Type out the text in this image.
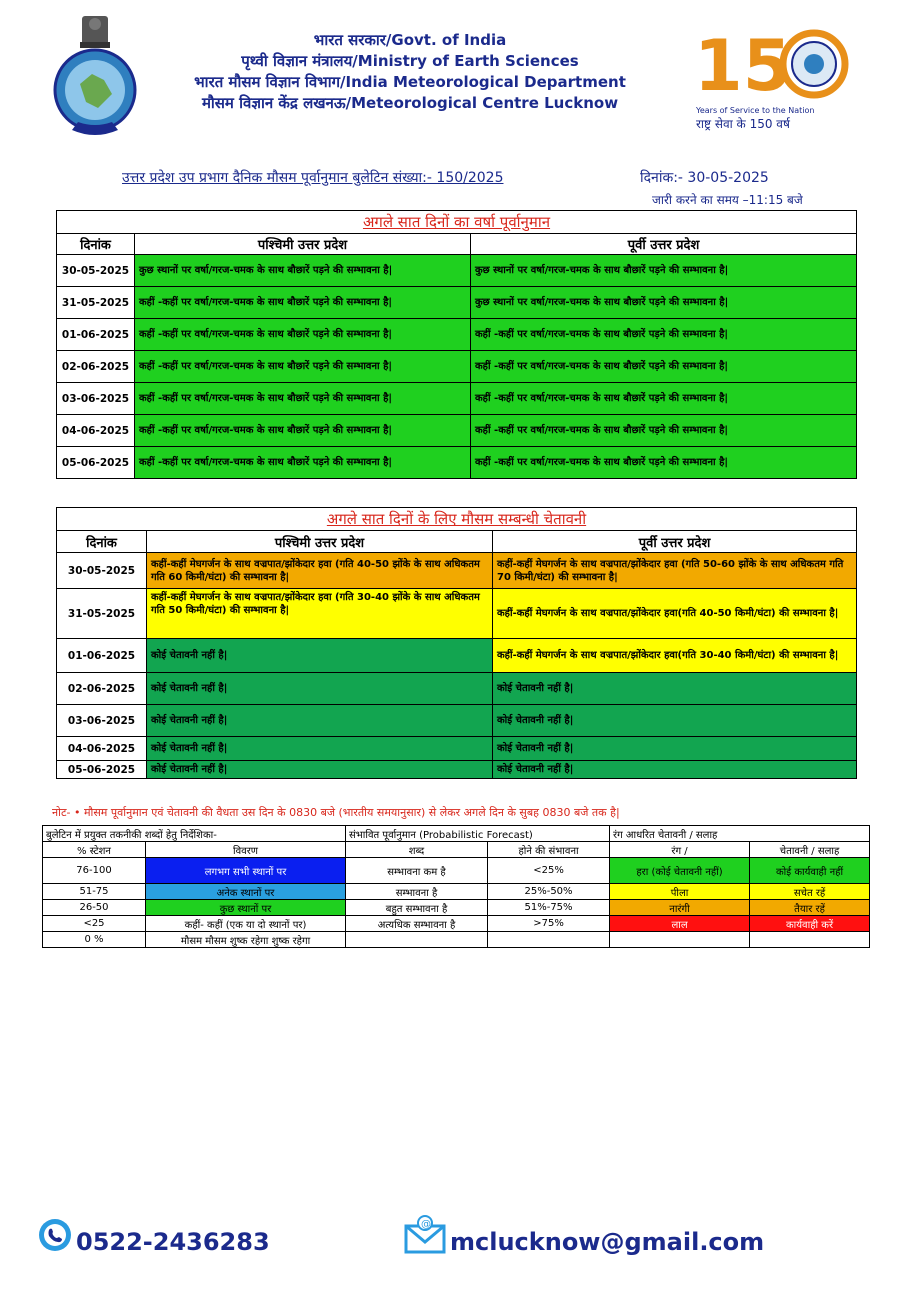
भारत सरकार/Govt. of India
पृथ्वी विज्ञान मंत्रालय/Ministry of Earth Sciences
भारत मौसम विज्ञान विभाग/India Meteorological Department
मौसम विज्ञान केंद्र लखनऊ/Meteorological Centre Lucknow	15
Years of Service to the Nation
राष्ट्र सेवा के 150 वर्ष
उत्तर प्रदेश उप प्रभाग दैनिक मौसम पूर्वानुमान बुलेटिन संख्या:- 150/2025	दिनांक:- 30-05-2025
जारी करने का समय –11:15 बजे
अगले सात दिनों का वर्षा पूर्वानुमान		
दिनांक	पश्चिमी उत्तर प्रदेश	पूर्वी उत्तर प्रदेश
30-05-2025	कुछ स्थानों पर वर्षा/गरज-चमक के साथ बौछारें पड़ने की सम्भावना है|	कुछ स्थानों पर वर्षा/गरज-चमक के साथ बौछारें पड़ने की सम्भावना है|
31-05-2025	कहीं -कहीं पर वर्षा/गरज-चमक के साथ बौछारें पड़ने की सम्भावना है|	कुछ स्थानों पर वर्षा/गरज-चमक के साथ बौछारें पड़ने की सम्भावना है|
01-06-2025	कहीं -कहीं पर वर्षा/गरज-चमक के साथ बौछारें पड़ने की सम्भावना है|	कहीं -कहीं पर वर्षा/गरज-चमक के साथ बौछारें पड़ने की सम्भावना है|
02-06-2025	कहीं -कहीं पर वर्षा/गरज-चमक के साथ बौछारें पड़ने की सम्भावना है|	कहीं -कहीं पर वर्षा/गरज-चमक के साथ बौछारें पड़ने की सम्भावना है|
03-06-2025	कहीं -कहीं पर वर्षा/गरज-चमक के साथ बौछारें पड़ने की सम्भावना है|	कहीं -कहीं पर वर्षा/गरज-चमक के साथ बौछारें पड़ने की सम्भावना है|
04-06-2025	कहीं -कहीं पर वर्षा/गरज-चमक के साथ बौछारें पड़ने की सम्भावना है|	कहीं -कहीं पर वर्षा/गरज-चमक के साथ बौछारें पड़ने की सम्भावना है|
05-06-2025	कहीं -कहीं पर वर्षा/गरज-चमक के साथ बौछारें पड़ने की सम्भावना है|	कहीं -कहीं पर वर्षा/गरज-चमक के साथ बौछारें पड़ने की सम्भावना है|
अगले सात दिनों के लिए मौसम सम्बन्धी चेतावनी		
दिनांक	पश्चिमी उत्तर प्रदेश	पूर्वी उत्तर प्रदेश
30-05-2025	कहीं-कहीं मेघगर्जन के साथ वज्रपात/झोंकेदार हवा (गति 40-50 झोंके के साथ अधिकतम गति 60 किमी/घंटा) की सम्भावना है|	कहीं-कहीं मेघगर्जन के साथ वज्रपात/झोंकेदार हवा (गति 50-60 झोंके के साथ अधिकतम गति 70 किमी/घंटा) की सम्भावना है|
31-05-2025	कहीं-कहीं मेघगर्जन के साथ वज्रपात/झोंकेदार हवा (गति 30-40 झोंके के साथ अधिकतम गति 50 किमी/घंटा) की सम्भावना है|	कहीं-कहीं मेघगर्जन के साथ वज्रपात/झोंकेदार हवा(गति 40-50 किमी/घंटा) की सम्भावना है|
01-06-2025	कोई चेतावनी नहीं है|	कहीं-कहीं मेघगर्जन के साथ वज्रपात/झोंकेदार हवा(गति 30-40 किमी/घंटा) की सम्भावना है|
02-06-2025	कोई चेतावनी नहीं है|	कोई चेतावनी नहीं है|
03-06-2025	कोई चेतावनी नहीं है|	कोई चेतावनी नहीं है|
04-06-2025	कोई चेतावनी नहीं है|	कोई चेतावनी नहीं है|
05-06-2025	कोई चेतावनी नहीं है|	कोई चेतावनी नहीं है|
नोट- • मौसम पूर्वानुमान एवं चेतावनी की वैधता उस दिन के 0830 बजे (भारतीय समयानुसार) से लेकर अगले दिन के सुबह 0830 बजे तक है|
बुलेटिन में प्रयुक्त तकनीकी शब्दों हेतु निर्देशिका-		संभावित पूर्वानुमान (Probabilistic Forecast)		रंग आधरित चेतावनी / सलाह	
% स्टेशन	विवरण	शब्द	होने की संभावना	रंग /	चेतावनी / सलाह
76-100	लगभग सभी स्थानों पर	सम्भावना कम है	<25%	हरा (कोई चेतावनी नहीं)	कोई कार्यवाही नहीं
51-75	अनेक स्थानों पर	सम्भावना है	25%-50%	पीला	सचेत रहें
26-50	कुछ स्थानों पर	बहुत सम्भावना है	51%-75%	नारंगी	तैयार रहें
<25	कहीं- कहीं (एक या दो स्थानों पर)	अत्यधिक सम्भावना है	>75%	लाल	कार्यवाही करें
0 %	मौसम मौसम शुष्क रहेगा शुष्क रहेगा				
0522-2436283
@
mclucknow@gmail.com
